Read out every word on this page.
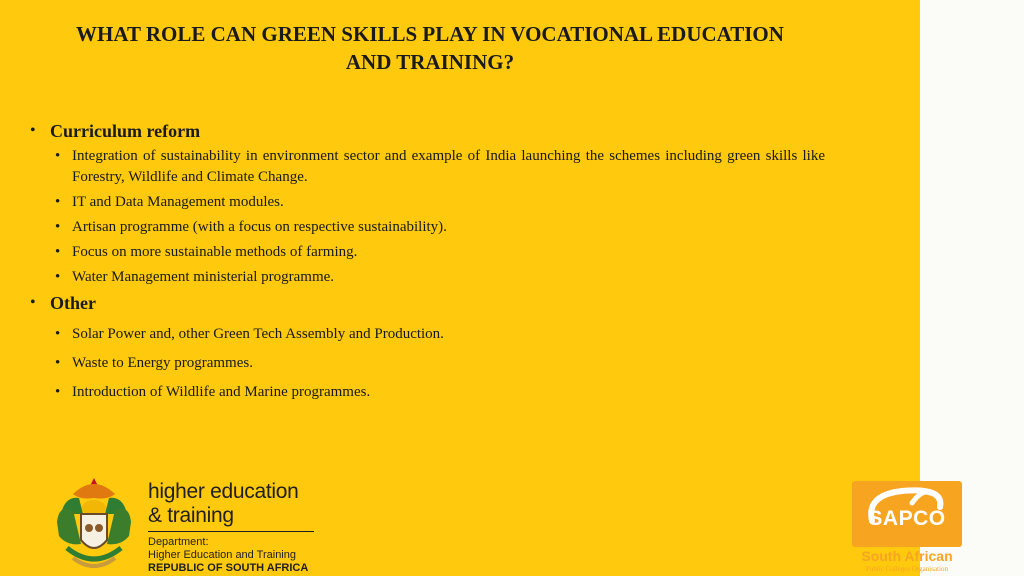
WHAT ROLE CAN GREEN SKILLS PLAY IN VOCATIONAL EDUCATION
AND TRAINING?
• Curriculum reform
• Integration of sustainability in environment sector and example of India launching the schemes including green skills like Forestry, Wildlife and Climate Change.
• IT and Data Management modules.
• Artisan programme (with a focus on respective sustainability).
• Focus on more sustainable methods of farming.
• Water Management ministerial programme.
• Other
• Solar Power and, other Green Tech Assembly and Production.
• Waste to Energy programmes.
• Introduction of Wildlife and Marine programmes.
higher education
& training
Department:
Higher Education and Training
REPUBLIC OF SOUTH AFRICA
SAPCO
South African
Public Colleges Organisation
